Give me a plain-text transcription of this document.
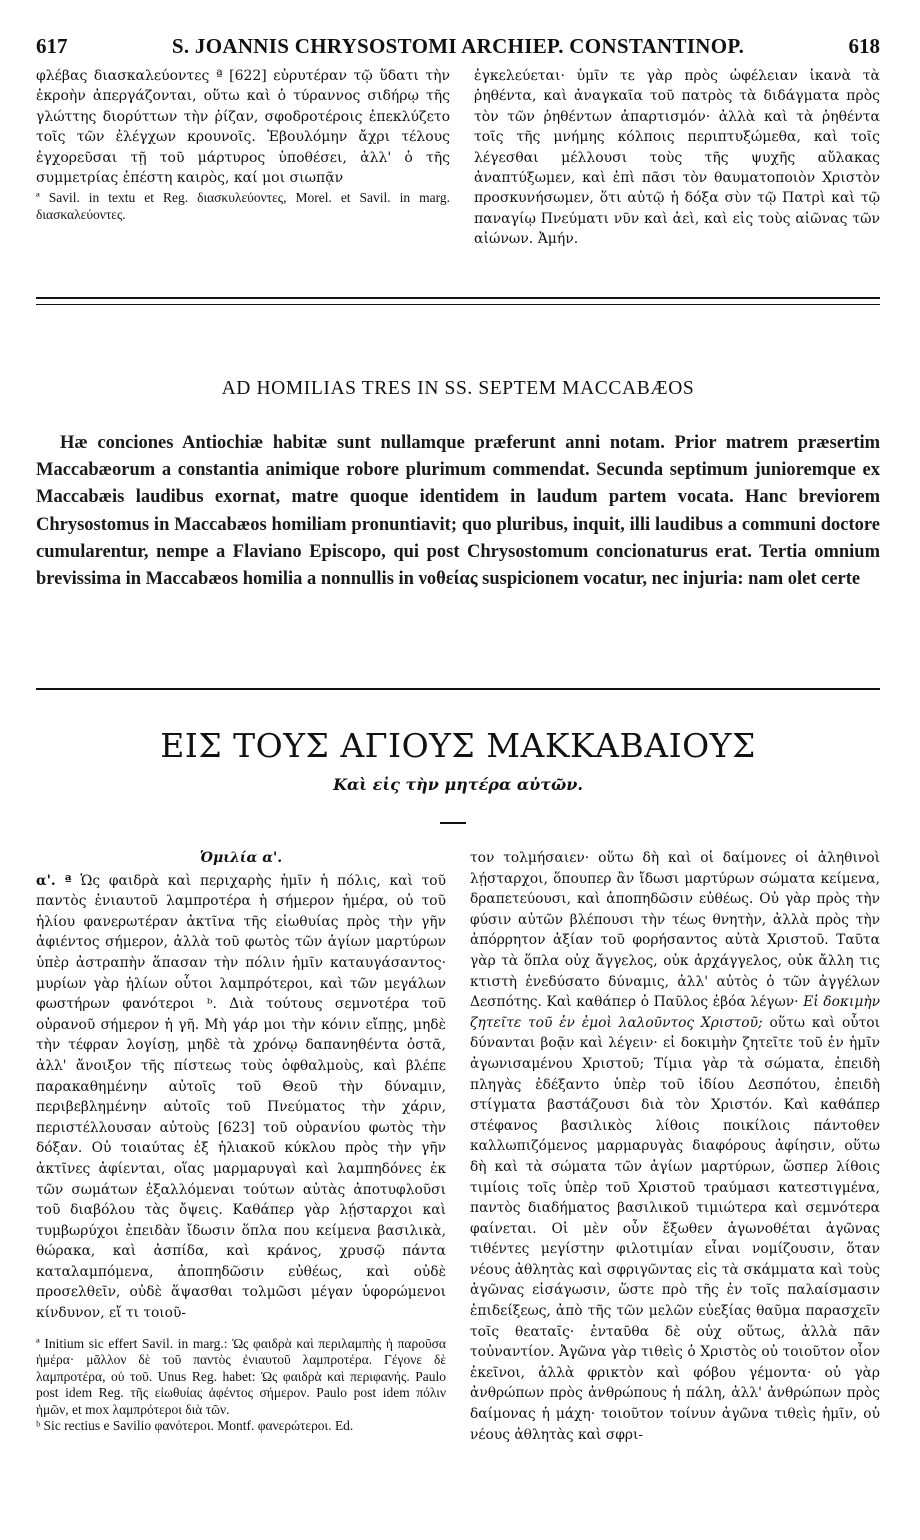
617	S. JOANNIS CHRYSOSTOMI ARCHIEP. CONSTANTINOP.	618

φλέβας διασκαλεύοντες ª [622] εὐρυτέραν τῷ ὕδατι τὴν ἐκροὴν ἀπεργάζονται, οὕτω καὶ ὁ τύραννος σιδήρῳ τῆς γλώττης διορύττων τὴν ῥίζαν, σφοδροτέροις ἐπεκλύζετο τοῖς τῶν ἐλέγχων κρουνοῖς. Ἐβουλόμην ἄχρι τέλους ἐγχορεῦσαι τῇ τοῦ μάρτυρος ὑποθέσει, ἀλλ' ὁ τῆς συμμετρίας ἐπέστη καιρὸς, καί μοι σιωπᾷν

ª Savil. in textu et Reg. διασκυλεύοντες, Morel. et Savil. in marg. διασκαλεύοντες.

ἐγκελεύεται· ὑμῖν τε γὰρ πρὸς ὠφέλειαν ἱκανὰ τὰ ῥηθέντα, καὶ ἀναγκαῖα τοῦ πατρὸς τὰ διδάγματα πρὸς τὸν τῶν ῥηθέντων ἀπαρτισμόν· ἀλλὰ καὶ τὰ ῥηθέντα τοῖς τῆς μνήμης κόλποις περιπτυξώμεθα, καὶ τοῖς λέγεσθαι μέλλουσι τοὺς τῆς ψυχῆς αὔλακας ἀναπτύξωμεν, καὶ ἐπὶ πᾶσι τὸν θαυματοποιὸν Χριστὸν προσκυνήσωμεν, ὅτι αὐτῷ ἡ δόξα σὺν τῷ Πατρὶ καὶ τῷ παναγίῳ Πνεύματι νῦν καὶ ἀεὶ, καὶ εἰς τοὺς αἰῶνας τῶν αἰώνων. Ἀμήν.

AD HOMILIAS TRES IN SS. SEPTEM MACCABÆOS

Hæ conciones Antiochiæ habitæ sunt nullamque præferunt anni notam. Prior matrem præsertim Maccabæorum a constantia animique robore plurimum commendat. Secunda septimum junioremque ex Maccabæis laudibus exornat, matre quoque identidem in laudum partem vocata. Hanc breviorem Chrysostomus in Maccabæos homiliam pronuntiavit; quo pluribus, inquit, illi laudibus a communi doctore cumularentur, nempe a Flaviano Episcopo, qui post Chrysostomum concionaturus erat. Tertia omnium brevissima in Maccabæos homilia a nonnullis in νοθείας suspicionem vocatur, nec injuria: nam olet certe

ΕΙΣ ΤΟΥΣ ΑΓΙΟΥΣ ΜΑΚΚΑΒΑΙΟΥΣ
Καὶ εἰς τὴν μητέρα αὐτῶν.
Ὁμιλία α'.

α'. ª Ὡς φαιδρὰ καὶ περιχαρὴς ἡμῖν ἡ πόλις, καὶ τοῦ παντὸς ἐνιαυτοῦ λαμπροτέρα ἡ σήμερον ἡμέρα, οὐ τοῦ ἡλίου φανερωτέραν ἀκτῖνα τῆς εἰωθυίας πρὸς τὴν γῆν ἀφιέντος σήμερον, ἀλλὰ τοῦ φωτὸς τῶν ἁγίων μαρτύρων ὑπὲρ ἀστραπὴν ἅπασαν τὴν πόλιν ἡμῖν καταυγάσαντος· μυρίων γὰρ ἡλίων οὗτοι λαμπρότεροι, καὶ τῶν μεγάλων φωστήρων φανότεροι ᵇ. Διὰ τούτους σεμνοτέρα τοῦ οὐρανοῦ σήμερον ἡ γῆ. Μὴ γάρ μοι τὴν κόνιν εἴπῃς, μηδὲ τὴν τέφραν λογίσῃ, μηδὲ τὰ χρόνῳ δαπανηθέντα ὀστᾶ, ἀλλ' ἄνοιξον τῆς πίστεως τοὺς ὀφθαλμοὺς, καὶ βλέπε παρακαθημένην αὐτοῖς τοῦ Θεοῦ τὴν δύναμιν, περιβεβλημένην αὐτοῖς τοῦ Πνεύματος τὴν χάριν, περιστέλλουσαν αὐτοὺς [623] τοῦ οὐρανίου φωτὸς τὴν δόξαν. Οὐ τοιαύτας ἐξ ἡλιακοῦ κύκλου πρὸς τὴν γῆν ἀκτῖνες ἀφίενται, οἵας μαρμαρυγαὶ καὶ λαμπηδόνες ἐκ τῶν σωμάτων ἐξαλλόμεναι τούτων αὐτὰς ἀποτυφλοῦσι τοῦ διαβόλου τὰς ὄψεις. Καθάπερ γὰρ λῄσταρχοι καὶ τυμβωρύχοι ἐπειδὰν ἴδωσιν ὅπλα που κείμενα βασιλικὰ, θώρακα, καὶ ἀσπίδα, καὶ κράνος, χρυσῷ πάντα καταλαμπόμενα, ἀποπηδῶσιν εὐθέως, καὶ οὐδὲ προσελθεῖν, οὐδὲ ἅψασθαι τολμῶσι μέγαν ὑφορώμενοι κίνδυνον, εἴ τι τοιοῦ-

ª Initium sic effert Savil. in marg.: Ὡς φαιδρὰ καὶ περιλαμπὴς ἡ παροῦσα ἡμέρα· μᾶλλον δὲ τοῦ παντὸς ἐνιαυτοῦ λαμπροτέρα. Γέγονε δὲ λαμπροτέρα, οὐ τοῦ. Unus Reg. habet: Ὡς φαιδρὰ καὶ περιφανής. Paulo post idem Reg. τῆς εἰωθυίας ἀφέντος σήμερον. Paulo post idem πόλιν ἡμῶν, et mox λαμπρότεροι διὰ τῶν.

ᵇ Sic rectius e Savilio φανότεροι. Montf. φανερώτεροι. Ed.

τον τολμήσαιεν· οὕτω δὴ καὶ οἱ δαίμονες οἱ ἀληθινοὶ λῄσταρχοι, ὅπουπερ ἂν ἴδωσι μαρτύρων σώματα κείμενα, δραπετεύουσι, καὶ ἀποπηδῶσιν εὐθέως. Οὐ γὰρ πρὸς τὴν φύσιν αὐτῶν βλέπουσι τὴν τέως θνητὴν, ἀλλὰ πρὸς τὴν ἀπόρρητον ἀξίαν τοῦ φορήσαντος αὐτὰ Χριστοῦ. Ταῦτα γὰρ τὰ ὅπλα οὐχ ἄγγελος, οὐκ ἀρχάγγελος, οὐκ ἄλλη τις κτιστὴ ἐνεδύσατο δύναμις, ἀλλ' αὐτὸς ὁ τῶν ἀγγέλων Δεσπότης. Καὶ καθάπερ ὁ Παῦλος ἐβόα λέγων· Εἰ δοκιμὴν ζητεῖτε τοῦ ἐν ἐμοὶ λαλοῦντος Χριστοῦ; οὕτω καὶ οὗτοι δύνανται βοᾷν καὶ λέγειν· εἰ δοκιμὴν ζητεῖτε τοῦ ἐν ἡμῖν ἀγωνισαμένου Χριστοῦ; Τίμια γὰρ τὰ σώματα, ἐπειδὴ πληγὰς ἐδέξαντο ὑπὲρ τοῦ ἰδίου Δεσπότου, ἐπειδὴ στίγματα βαστάζουσι διὰ τὸν Χριστόν. Καὶ καθάπερ στέφανος βασιλικὸς λίθοις ποικίλοις πάντοθεν καλλωπιζόμενος μαρμαρυγὰς διαφόρους ἀφίησιν, οὕτω δὴ καὶ τὰ σώματα τῶν ἁγίων μαρτύρων, ὥσπερ λίθοις τιμίοις τοῖς ὑπὲρ τοῦ Χριστοῦ τραύμασι κατεστιγμένα, παντὸς διαδήματος βασιλικοῦ τιμιώτερα καὶ σεμνότερα φαίνεται. Οἱ μὲν οὖν ἔξωθεν ἀγωνοθέται ἀγῶνας τιθέντες μεγίστην φιλοτιμίαν εἶναι νομίζουσιν, ὅταν νέους ἀθλητὰς καὶ σφριγῶντας εἰς τὰ σκάμματα καὶ τοὺς ἀγῶνας εἰσάγωσιν, ὥστε πρὸ τῆς ἐν τοῖς παλαίσμασιν ἐπιδείξεως, ἀπὸ τῆς τῶν μελῶν εὐεξίας θαῦμα παρασχεῖν τοῖς θεαταῖς· ἐνταῦθα δὲ οὐχ οὕτως, ἀλλὰ πᾶν τοὐναντίον. Ἀγῶνα γὰρ τιθεὶς ὁ Χριστὸς οὐ τοιοῦτον οἷον ἐκεῖνοι, ἀλλὰ φρικτὸν καὶ φόβου γέμοντα· οὐ γὰρ ἀνθρώπων πρὸς ἀνθρώπους ἡ πάλη, ἀλλ' ἀνθρώπων πρὸς δαίμονας ἡ μάχη· τοιοῦτον τοίνυν ἀγῶνα τιθεὶς ἡμῖν, οὐ νέους ἀθλητὰς καὶ σφρι-
